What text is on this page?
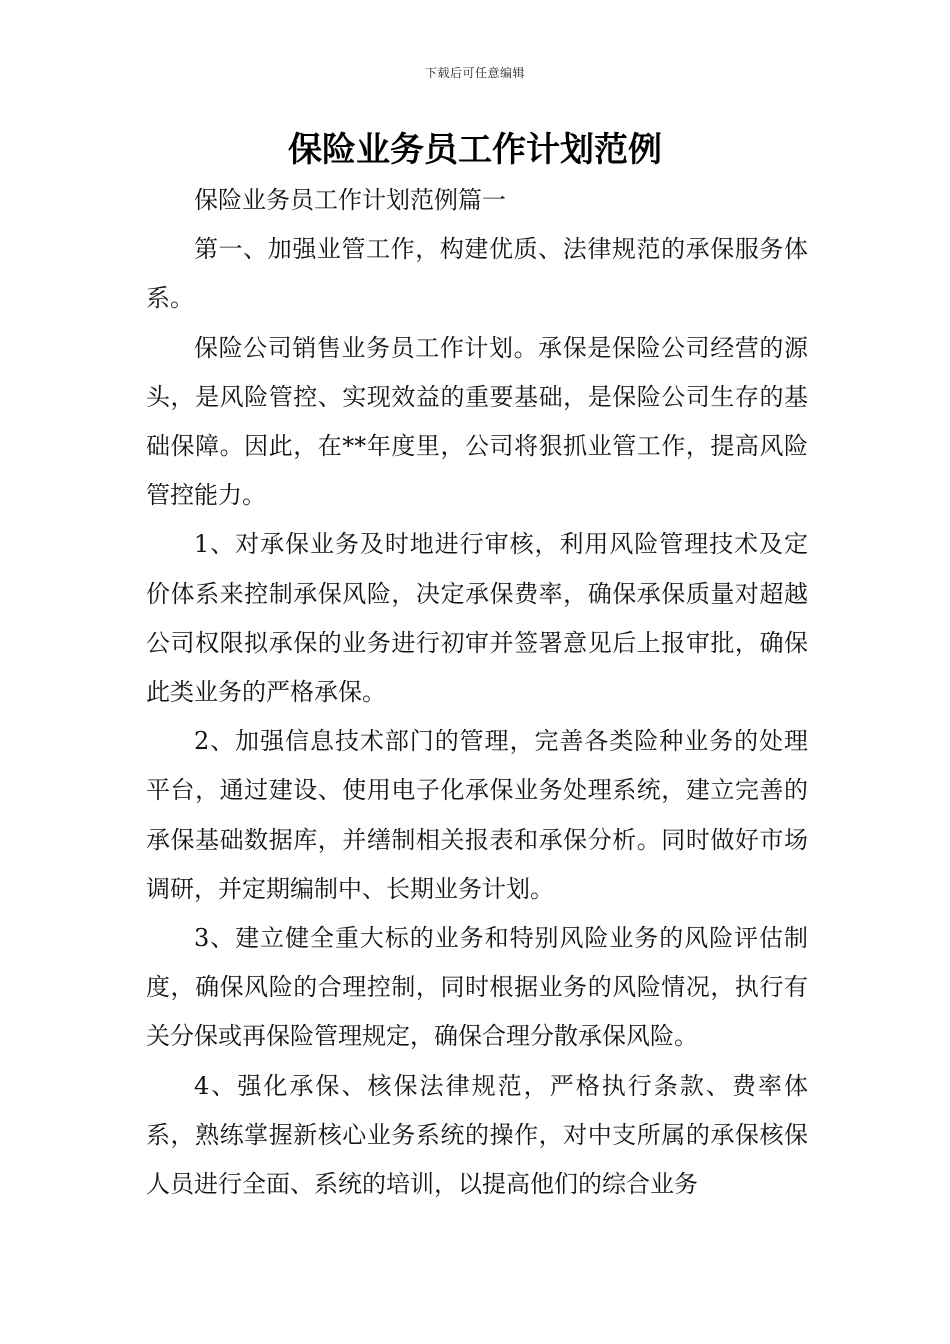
下载后可任意编辑
保险业务员工作计划范例

保险业务员工作计划范例篇一

第一、加强业管工作，构建优质、法律规范的承保服务体系。

保险公司销售业务员工作计划。承保是保险公司经营的源头，是风险管控、实现效益的重要基础，是保险公司生存的基础保障。因此，在**年度里，公司将狠抓业管工作，提高风险管控能力。

1、对承保业务及时地进行审核，利用风险管理技术及定价体系来控制承保风险，决定承保费率，确保承保质量对超越公司权限拟承保的业务进行初审并签署意见后上报审批，确保此类业务的严格承保。

2、加强信息技术部门的管理，完善各类险种业务的处理平台，通过建设、使用电子化承保业务处理系统，建立完善的承保基础数据库，并缮制相关报表和承保分析。同时做好市场调研，并定期编制中、长期业务计划。

3、建立健全重大标的业务和特别风险业务的风险评估制度，确保风险的合理控制，同时根据业务的风险情况，执行有关分保或再保险管理规定，确保合理分散承保风险。

4、强化承保、核保法律规范，严格执行条款、费率体系，熟练掌握新核心业务系统的操作，对中支所属的承保核保人员进行全面、系统的培训，以提高他们的综合业务
